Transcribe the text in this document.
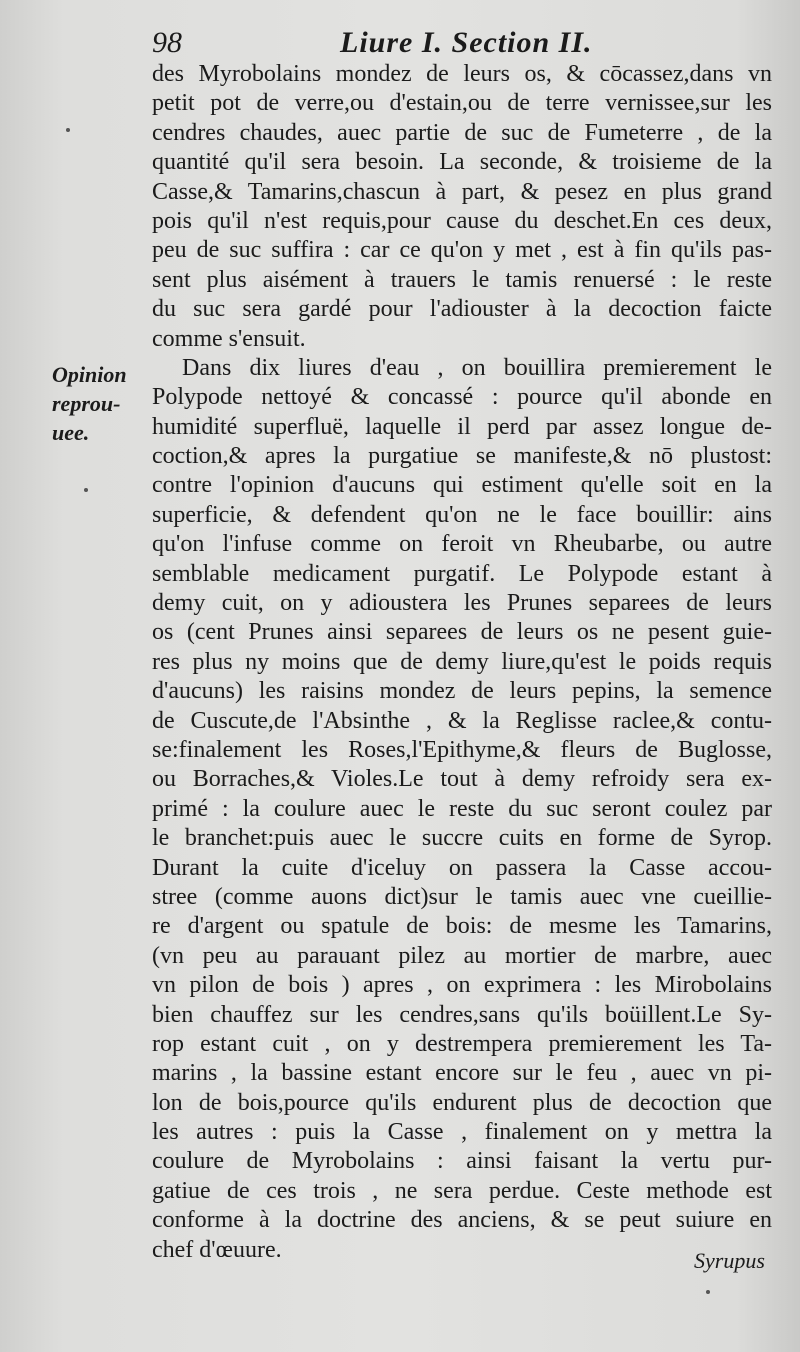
98	Liure I. Section II.
Opinion
reprou-
uee.
des Myrobolains mondez de leurs os, & cōcassez,dans vn
petit pot de verre,ou d'estain,ou de terre vernissee,sur les
cendres chaudes, auec partie de suc de Fumeterre , de la
quantité qu'il sera besoin. La seconde, & troisieme de la
Casse,& Tamarins,chascun à part, & pesez en plus grand
pois qu'il n'est requis,pour cause du deschet.En ces deux,
peu de suc suffira : car ce qu'on y met , est à fin qu'ils pas-
sent plus aisément à trauers le tamis renuersé : le reste
du suc sera gardé pour l'adiouster à la decoction faicte
comme s'ensuit.
Dans dix liures d'eau , on bouillira premierement le
Polypode nettoyé & concassé : pource qu'il abonde en
humidité superfluë, laquelle il perd par assez longue de-
coction,& apres la purgatiue se manifeste,& nō plustost:
contre l'opinion d'aucuns qui estiment qu'elle soit en la
superficie, & defendent qu'on ne le face bouillir: ains
qu'on l'infuse comme on feroit vn Rheubarbe, ou autre
semblable medicament purgatif. Le Polypode estant à
demy cuit, on y adioustera les Prunes separees de leurs
os (cent Prunes ainsi separees de leurs os ne pesent guie-
res plus ny moins que de demy liure,qu'est le poids requis
d'aucuns) les raisins mondez de leurs pepins, la semence
de Cuscute,de l'Absinthe , & la Reglisse raclee,& contu-
se:finalement les Roses,l'Epithyme,& fleurs de Buglosse,
ou Borraches,& Violes.Le tout à demy refroidy sera ex-
primé : la coulure auec le reste du suc seront coulez par
le branchet:puis auec le succre cuits en forme de Syrop.
Durant la cuite d'iceluy on passera la Casse accou-
strее (comme auons dict)sur le tamis auec vne cueillie-
re d'argent ou spatule de bois: de mesme les Tamarins,
(vn peu au parauant pilez au mortier de marbre, auec
vn pilon de bois ) apres , on exprimera : les Mirobolains
bien chauffez sur les cendres,sans qu'ils boüillent.Le Sy-
rop estant cuit , on y destrempera premierement les Ta-
marins , la bassine estant encore sur le feu , auec vn pi-
lon de bois,pource qu'ils endurent plus de decoction que
les autres : puis la Casse , finalement on y mettra la
coulure de Myrobolains : ainsi faisant la vertu pur-
gatiue de ces trois , ne sera perdue. Ceste methode est
conforme à la doctrine des anciens, & se peut suiure en
chef d'œuure.	Syrupus
